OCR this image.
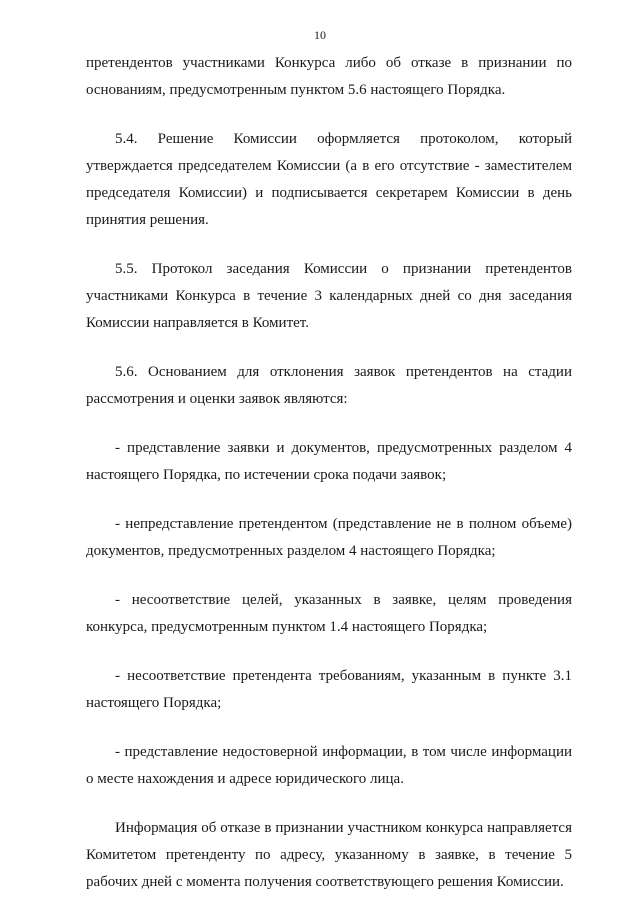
10

претендентов участниками Конкурса либо об отказе в признании по основаниям, предусмотренным пунктом 5.6 настоящего Порядка.

5.4. Решение Комиссии оформляется протоколом, который утверждается председателем Комиссии (а в его отсутствие - заместителем председателя Комиссии) и подписывается секретарем Комиссии в день принятия решения.

5.5. Протокол заседания Комиссии о признании претендентов участниками Конкурса в течение 3 календарных дней со дня заседания Комиссии направляется в Комитет.

5.6. Основанием для отклонения заявок претендентов на стадии рассмотрения и оценки заявок являются:

- представление заявки и документов, предусмотренных разделом 4 настоящего Порядка, по истечении срока подачи заявок;

- непредставление претендентом (представление не в полном объеме) документов, предусмотренных разделом 4 настоящего Порядка;

- несоответствие целей, указанных в заявке, целям проведения конкурса, предусмотренным пунктом 1.4 настоящего Порядка;

- несоответствие претендента требованиям, указанным в пункте 3.1 настоящего Порядка;

- представление недостоверной информации, в том числе информации о месте нахождения и адресе юридического лица.

Информация об отказе в признании участником конкурса направляется Комитетом претенденту по адресу, указанному в заявке, в течение 5 рабочих дней с момента получения соответствующего решения Комиссии.
